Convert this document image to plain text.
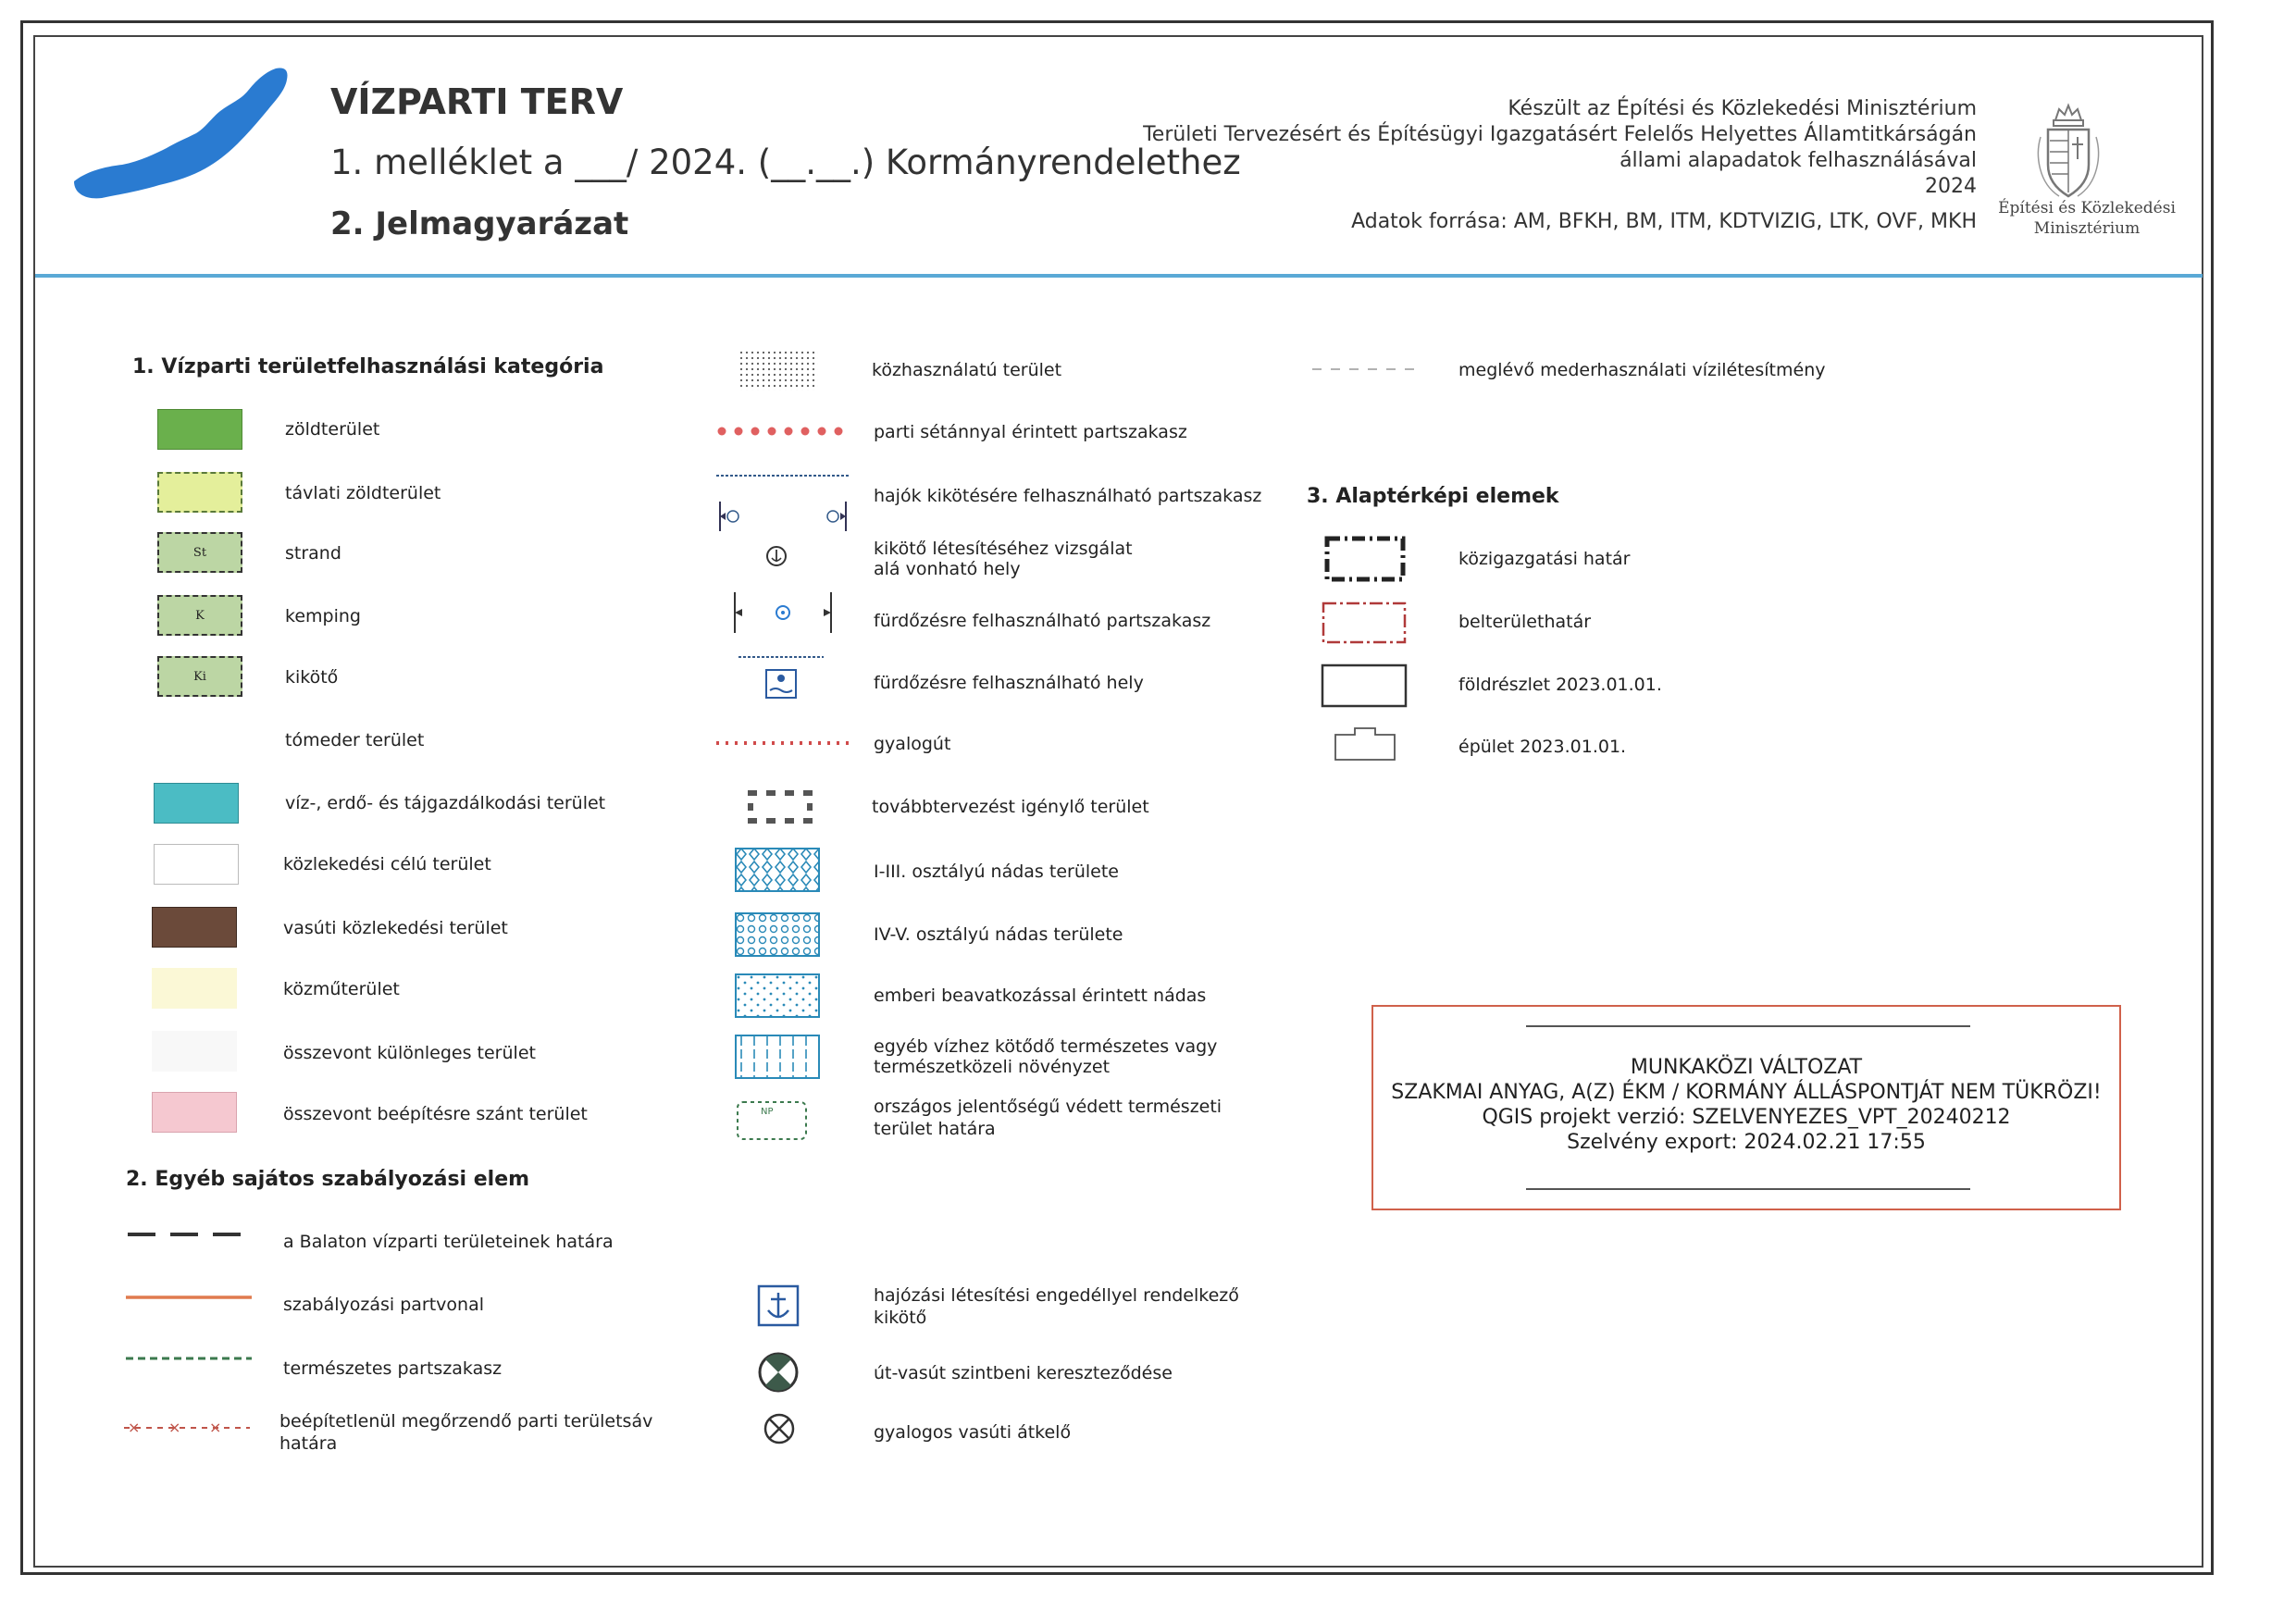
VÍZPARTI TERV
1. melléklet a ___/ 2024. (__.__.) Kormányrendelethez
2. Jelmagyarázat
Készült az Építési és Közlekedési Minisztérium
Területi Tervezésért és Építésügyi Igazgatásért Felelős Helyettes Államtitkárságán
állami alapadatok felhasználásával
2024
Adatok forrása: AM, BFKH, BM, ITM, KDTVIZIG, LTK, OVF, MKH
Építési és Közlekedési
Minisztérium
1. Vízparti területfelhasználási kategória
zöldterület
távlati zöldterület
St	strand
K	kemping
Ki	kikötő
tómeder terület
víz-, erdő- és tájgazdálkodási terület
közlekedési célú terület
vasúti közlekedési terület
közműterület
összevont különleges terület
összevont beépítésre szánt terület
2. Egyéb sajátos szabályozási elem
a Balaton vízparti területeinek határa
szabályozási partvonal
természetes partszakasz
× × ×	beépítetlenül megőrzendő parti területsáv határa
közhasználatú terület
parti sétánnyal érintett partszakasz
hajók kikötésére felhasználható partszakasz
kikötő létesítéséhez vizsgálat alá vonható hely
fürdőzésre felhasználható partszakasz
fürdőzésre felhasználható hely
gyalogút
továbbtervezést igénylő terület
I-III. osztályú nádas területe
IV-V. osztályú nádas területe
emberi beavatkozással érintett nádas
egyéb vízhez kötődő természetes vagy természetközeli növényzet
NP	országos jelentőségű védett természeti terület határa
hajózási létesítési engedéllyel rendelkező kikötő
út-vasút szintbeni kereszteződése
gyalogos vasúti átkelő
meglévő mederhasználati vízilétesítmény
3. Alaptérképi elemek
közigazgatási határ
belterülethatár
földrészlet 2023.01.01.
épület 2023.01.01.
MUNKAKÖZI VÁLTOZAT
SZAKMAI ANYAG, A(Z) ÉKM / KORMÁNY ÁLLÁSPONTJÁT NEM TÜKRÖZI!
QGIS projekt verzió: SZELVENYEZES_VPT_20240212
Szelvény export: 2024.02.21 17:55
